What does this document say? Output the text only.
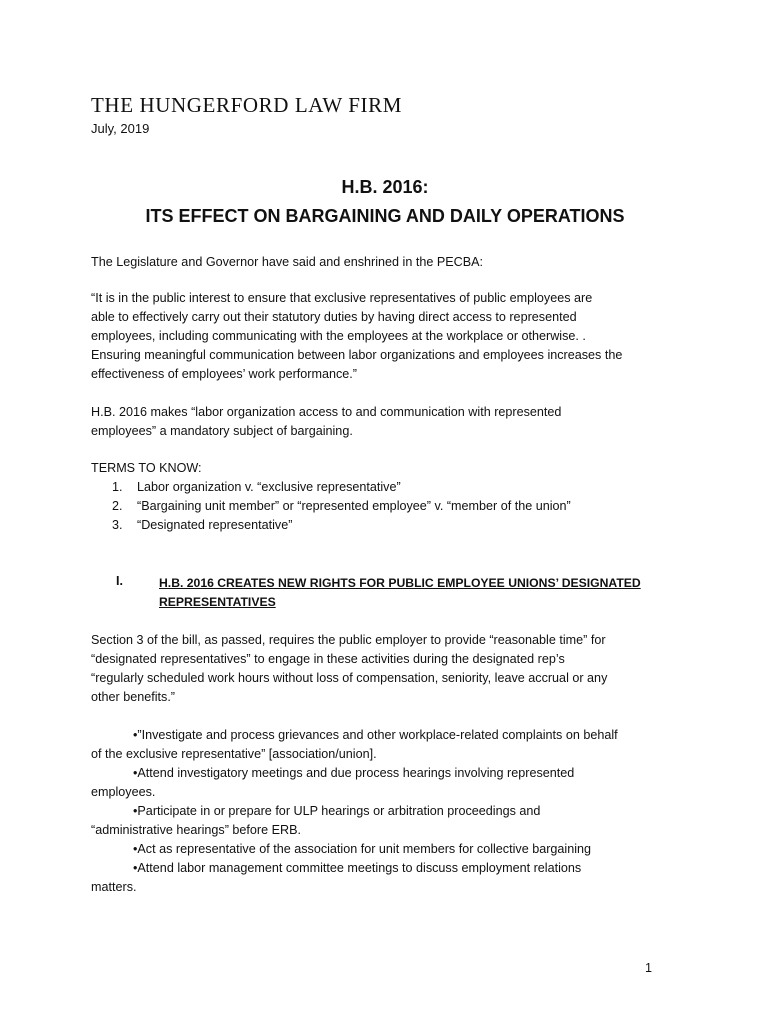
THE HUNGERFORD LAW FIRM
July, 2019
H.B. 2016:
ITS EFFECT ON BARGAINING AND DAILY OPERATIONS
The Legislature and Governor have said and enshrined in the PECBA:
“It is in the public interest to ensure that exclusive representatives of public employees are
able to effectively carry out their statutory duties by having direct access to represented
employees, including communicating with the employees at the workplace or otherwise. .
Ensuring meaningful communication between labor organizations and employees increases the
effectiveness of employees’ work performance.”
H.B. 2016 makes “labor organization access to and communication with represented
employees” a mandatory subject of bargaining.
TERMS TO KNOW:
1. Labor organization v. “exclusive representative”
2. “Bargaining unit member” or “represented employee” v. “member of the union”
3. “Designated representative”
I.	H.B. 2016 CREATES NEW RIGHTS FOR PUBLIC EMPLOYEE UNIONS’ DESIGNATED
REPRESENTATIVES
Section 3 of the bill, as passed, requires the public employer to provide “reasonable time” for
“designated representatives” to engage in these activities during the designated rep’s
“regularly scheduled work hours without loss of compensation, seniority, leave accrual or any
other benefits.”
•”Investigate and process grievances and other workplace-related complaints on behalf
of the exclusive representative” [association/union].
•Attend investigatory meetings and due process hearings involving represented
employees.
•Participate in or prepare for ULP hearings or arbitration proceedings and
“administrative hearings” before ERB.
•Act as representative of the association for unit members for collective bargaining
•Attend labor management committee meetings to discuss employment relations
matters.
1
